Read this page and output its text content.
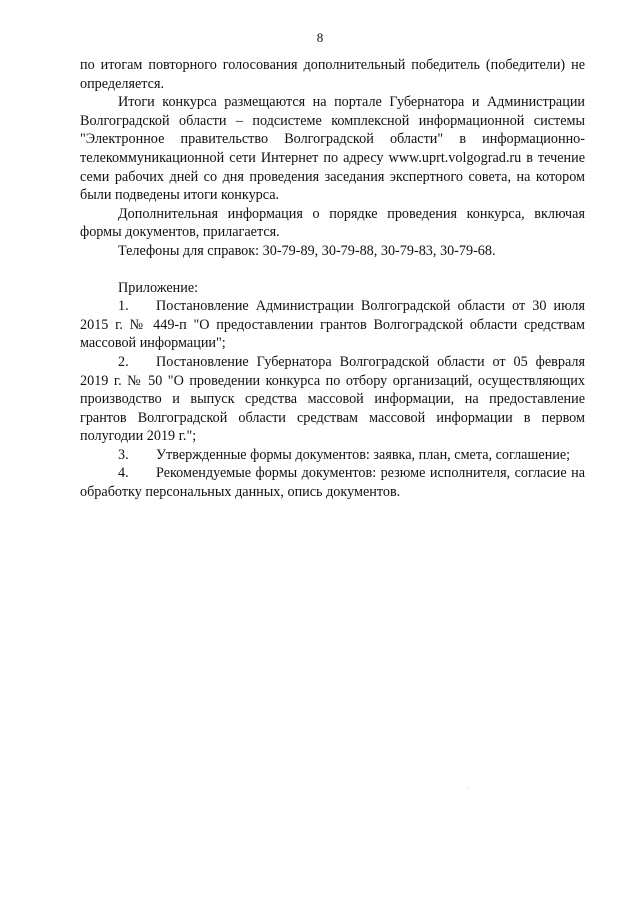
8

по итогам повторного голосования дополнительный победитель (победители) не определяется.

Итоги конкурса размещаются на портале Губернатора и Администрации Волгоградской области – подсистеме комплексной информационной системы "Электронное правительство Волгоградской области" в информационно-телекоммуникационной сети Интернет по адресу www.uprt.volgograd.ru в течение семи рабочих дней со дня проведения заседания экспертного совета, на котором были подведены итоги конкурса.

Дополнительная информация о порядке проведения конкурса, включая формы документов, прилагается.

Телефоны для справок: 30-79-89, 30-79-88, 30-79-83, 30-79-68.

Приложение:

1. Постановление Администрации Волгоградской области от 30 июля 2015 г. № 449-п "О предоставлении грантов Волгоградской области средствам массовой информации";

2. Постановление Губернатора Волгоградской области от 05 февраля 2019 г. № 50 "О проведении конкурса по отбору организаций, осуществляющих производство и выпуск средства массовой информации, на предоставление грантов Волгоградской области средствам массовой информации в первом полугодии 2019 г.";

3. Утвержденные формы документов: заявка, план, смета, соглашение;

4. Рекомендуемые формы документов: резюме исполнителя, согласие на обработку персональных данных, опись документов.
